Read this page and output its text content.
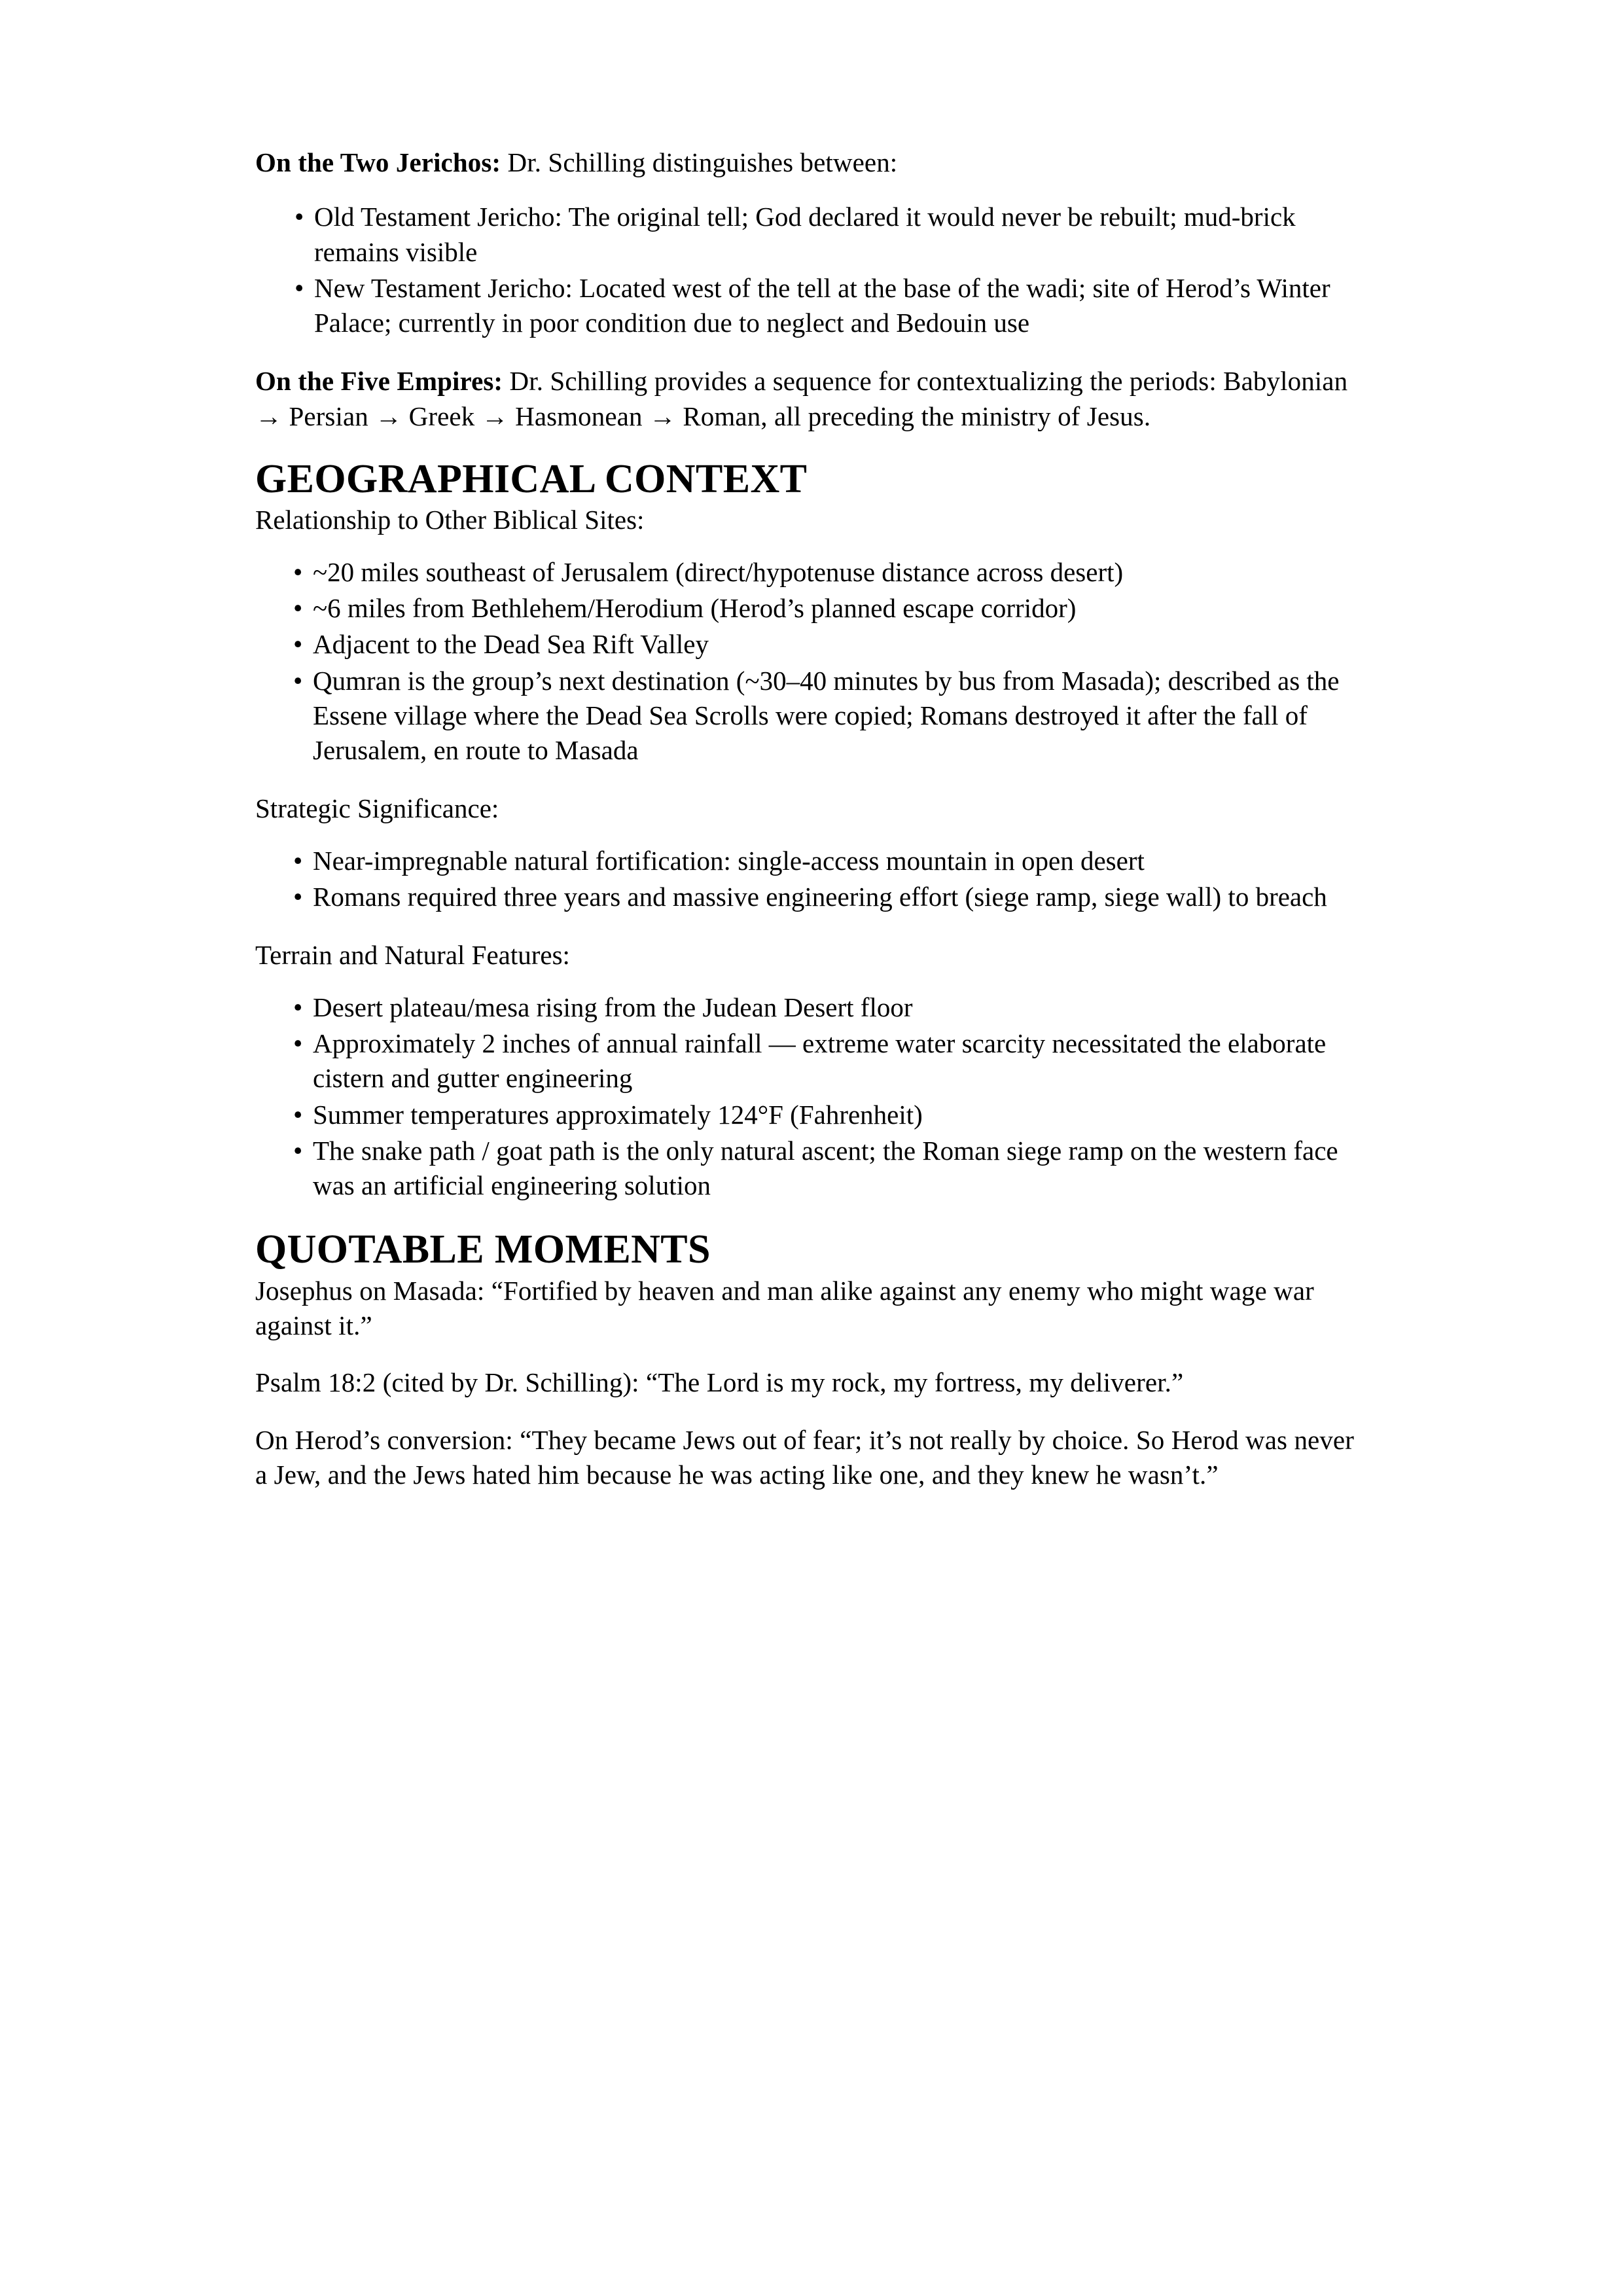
On the Two Jerichos: Dr. Schilling distinguishes between:

• Old Testament Jericho: The original tell; God declared it would never be rebuilt; mud-brick remains visible
• New Testament Jericho: Located west of the tell at the base of the wadi; site of Herod’s Winter Palace; currently in poor condition due to neglect and Bedouin use

On the Five Empires: Dr. Schilling provides a sequence for contextualizing the periods: Babylonian → Persian → Greek → Hasmonean → Roman, all preceding the ministry of Jesus.

GEOGRAPHICAL CONTEXT

Relationship to Other Biblical Sites:

• ~20 miles southeast of Jerusalem (direct/hypotenuse distance across desert)
• ~6 miles from Bethlehem/Herodium (Herod’s planned escape corridor)
• Adjacent to the Dead Sea Rift Valley
• Qumran is the group’s next destination (~30–40 minutes by bus from Masada); described as the Essene village where the Dead Sea Scrolls were copied; Romans destroyed it after the fall of Jerusalem, en route to Masada

Strategic Significance:

• Near-impregnable natural fortification: single-access mountain in open desert
• Romans required three years and massive engineering effort (siege ramp, siege wall) to breach

Terrain and Natural Features:

• Desert plateau/mesa rising from the Judean Desert floor
• Approximately 2 inches of annual rainfall — extreme water scarcity necessitated the elaborate cistern and gutter engineering
• Summer temperatures approximately 124°F (Fahrenheit)
• The snake path / goat path is the only natural ascent; the Roman siege ramp on the western face was an artificial engineering solution
QUOTABLE MOMENTS

Josephus on Masada: “Fortified by heaven and man alike against any enemy who might wage war against it.”

Psalm 18:2 (cited by Dr. Schilling): “The Lord is my rock, my fortress, my deliverer.”

On Herod’s conversion: “They became Jews out of fear; it’s not really by choice. So Herod was never a Jew, and the Jews hated him because he was acting like one, and they knew he wasn’t.”
